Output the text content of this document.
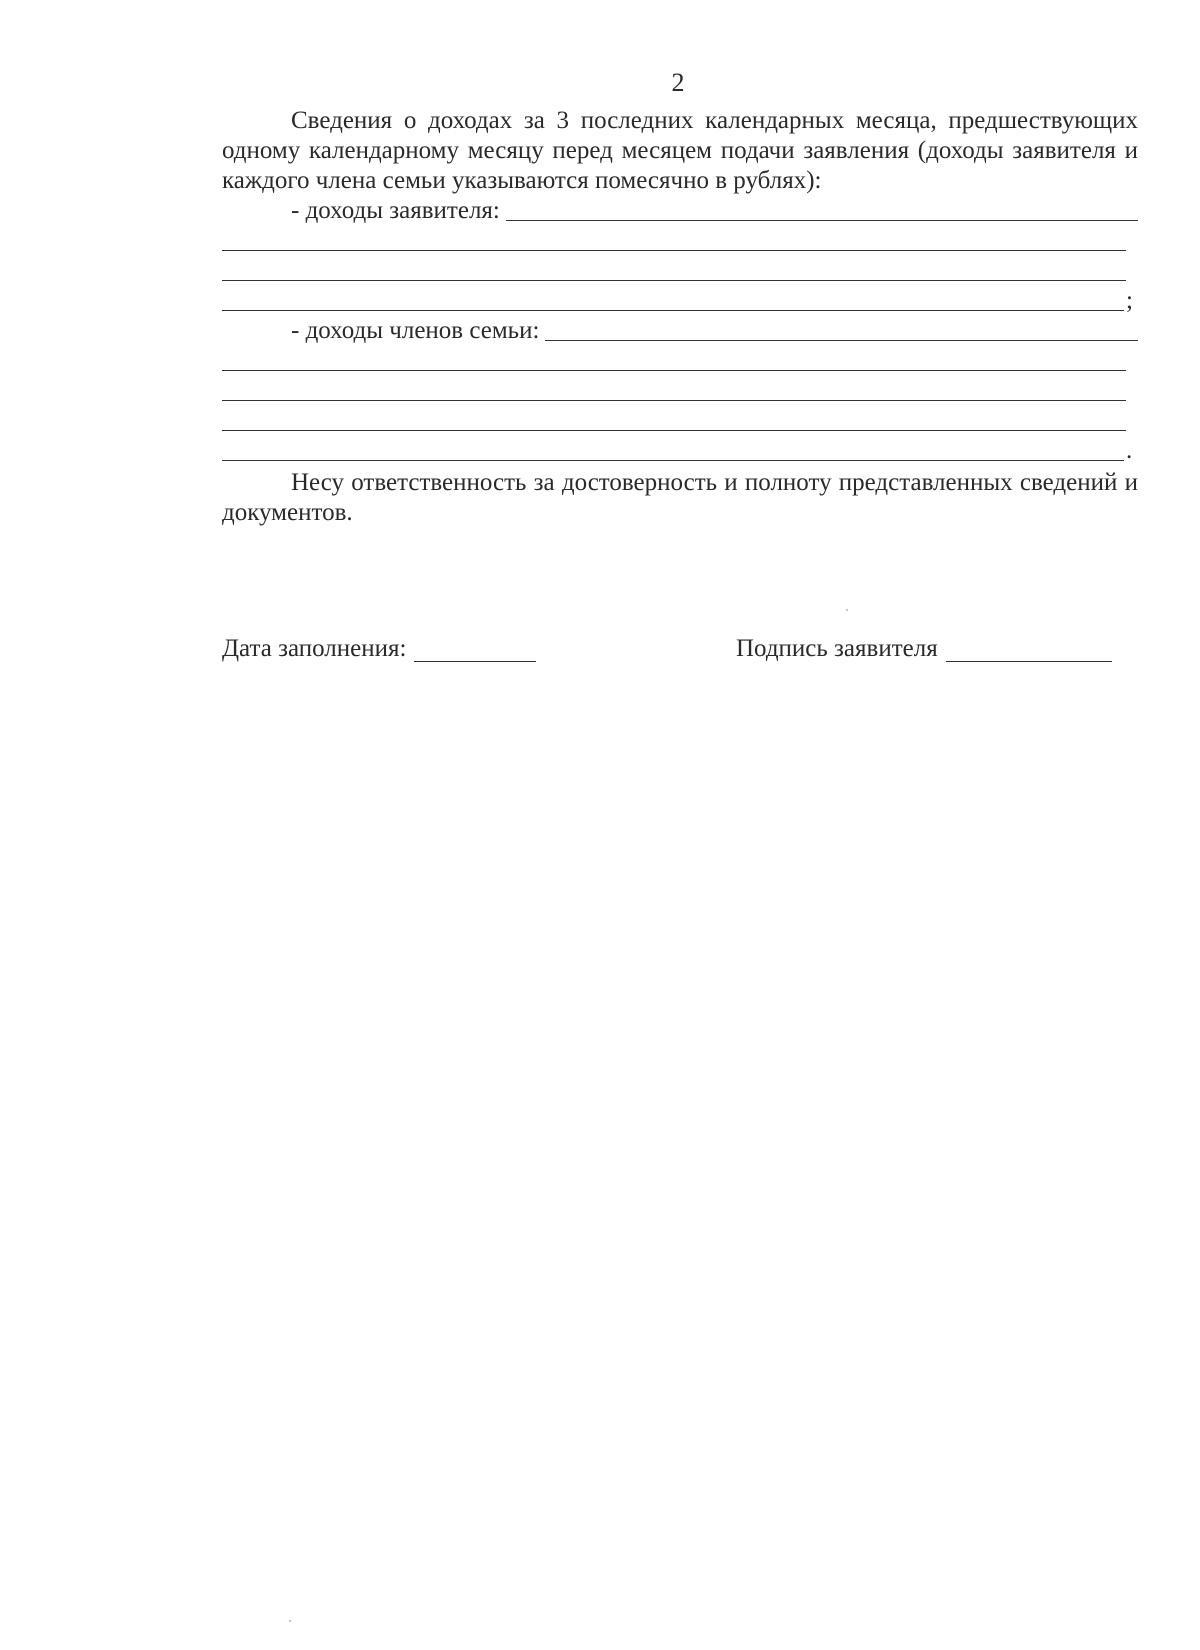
2

Сведения о доходах за 3 последних календарных месяца, предшествующих одному календарному месяцу перед месяцем подачи заявления (доходы заявителя и каждого члена семьи указываются помесячно в рублях):

- доходы заявителя:
;
- доходы членов семьи:
.

Несу ответственность за достоверность и полноту представленных сведений и документов.

Дата заполнения:	Подпись заявителя
